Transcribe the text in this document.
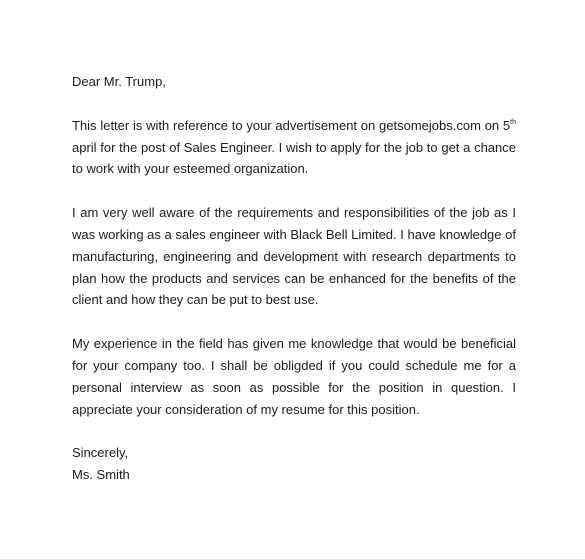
Dear Mr. Trump,

This letter is with reference to your advertisement on getsomejobs.com on 5th april for the post of Sales Engineer. I wish to apply for the job to get a chance to work with your esteemed organization.

I am very well aware of the requirements and responsibilities of the job as I was working as a sales engineer with Black Bell Limited. I have knowledge of manufacturing, engineering and development with research departments to plan how the products and services can be enhanced for the benefits of the client and how they can be put to best use.

My experience in the field has given me knowledge that would be beneficial for your company too. I shall be obligded if you could schedule me for a personal interview as soon as possible for the position in question. I appreciate your consideration of my resume for this position.

Sincerely,

Ms. Smith
